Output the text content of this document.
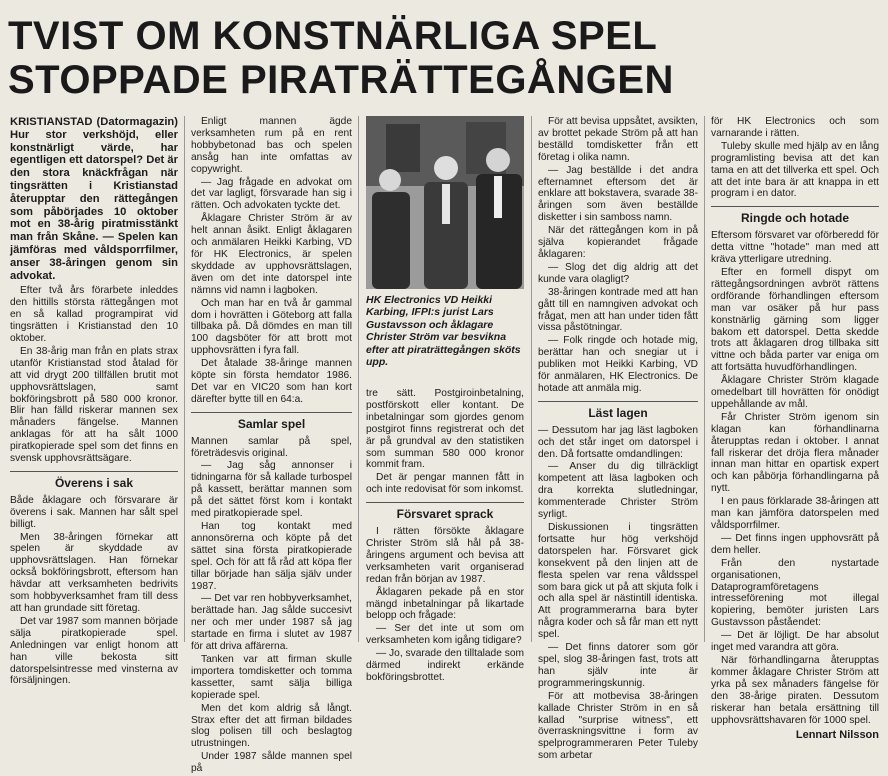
TVIST OM KONSTNÄRLIGA SPEL STOPPADE PIRATRÄTTEGÅNGEN

KRISTIANSTAD (Datormagazin) Hur stor verkshöjd, eller konstnärligt värde, har egentligen ett datorspel? Det är den stora knäckfrågan när tingsrätten i Kristianstad återupptar den rättegången som påbörjades 10 oktober mot en 38-årig piratmisstänkt man från Skåne. — Spelen kan jämföras med våldsporrfilmer, anser 38-åringen genom sin advokat.

Efter två års förarbete inleddes den hittills största rättegången mot en så kallad programpirat vid tingsrätten i Kristianstad den 10 oktober.

En 38-årig man från en plats strax utanför Kristianstad stod åtalad för att vid drygt 200 tillfällen brutit mot upphovsrättslagen, samt bokföringsbrott på 580 000 kronor. Blir han fälld riskerar mannen sex månaders fängelse. Mannen anklagas för att ha sålt 1000 piratkopierade spel som det finns en svensk upphovsrättsägare.

Överens i sak

Både åklagare och försvarare är överens i sak. Mannen har sålt spel billigt.

Men 38-åringen förnekar att spelen är skyddade av upphovsrättslagen. Han förnekar också bokföringsbrott, eftersom han hävdar att verksamheten bedrivits som hobbyverksamhet fram till dess att han grundade sitt företag.

Det var 1987 som mannen började sälja piratkopierade spel. Anledningen var enligt honom att han ville bekosta sitt datorspelsintresse med vinsterna av försäljningen.

Enligt mannen ägde verksamheten rum på en rent hobbybetonad bas och spelen ansåg han inte omfattas av copywright.

— Jag frågade en advokat om det var lagligt, försvarade han sig i rätten. Och advokaten tyckte det.

Åklagare Christer Ström är av helt annan åsikt. Enligt åklagaren och anmälaren Heikki Karbing, VD för HK Electronics, är spelen skyddade av upphovsrättslagen, även om det inte datorspel inte nämns vid namn i lagboken.

Och man har en två år gammal dom i hovrätten i Göteborg att falla tillbaka på. Då dömdes en man till 100 dagsböter för att brott mot upphovsrätten i fyra fall.

Det åtalade 38-åringe mannen köpte sin första hemdator 1986. Det var en VIC20 som han kort därefter bytte till en 64:a.

Samlar spel

Mannen samlar på spel, företrädesvis original.

— Jag såg annonser i tidningarna för så kallade turbospel på kassett, berättar mannen som på det sättet först kom i kontakt med piratkopierade spel.

Han tog kontakt med annonsörerna och köpte på det sättet sina första piratkopierade spel. Och för att få råd att köpa fler tillar började han sälja själv under 1987.

— Det var ren hobbyverksamhet, berättade han. Jag sålde succesivt ner och mer under 1987 så jag startade en firma i slutet av 1987 för att driva affärerna.

Tanken var att firman skulle importera tomdisketter och tomma kassetter, samt sälja billiga kopierade spel.

Men det kom aldrig så långt. Strax efter det att firman bildades slog polisen till och beslagtog utrustningen.

Under 1987 sålde mannen spel på

HK Electronics VD Heikki Karbing, IFPI:s jurist Lars Gustavsson och åklagare Christer Ström var besvikna efter att piraträttegången sköts upp.

tre sätt. Postgiroinbetalning, postförskott eller kontant. De inbetalningar som gjordes genom postgirot finns registrerat och det är på grundval av den statistiken som summan 580 000 kronor kommit fram.

Det är pengar mannen fått in och inte redovisat för som inkomst.

Försvaret sprack

I rätten försökte åklagare Christer Ström slå hål på 38-åringens argument och bevisa att verksamheten varit organiserad redan från början av 1987.

Åklagaren pekade på en stor mängd inbetalningar på likartade belopp och frågade:

— Ser det inte ut som om verksamheten kom igång tidigare?

— Jo, svarade den tilltalade som därmed indirekt erkände bokföringsbrottet.

För att bevisa uppsåtet, avsikten, av brottet pekade Ström på att han beställd tomdisketter från ett företag i olika namn.

— Jag beställde i det andra efternamnet eftersom det är enklare att bokstavera, svarade 38-åringen som även beställde disketter i sin samboss namn.

När det rättegången kom in på själva kopierandet frågade åklagaren:

— Slog det dig aldrig att det kunde vara olagligt?

38-åringen kontrade med att han gått till en namngiven advokat och frågat, men att han under tiden fått vissa påstötningar.

— Folk ringde och hotade mig, berättar han och snegiar ut i publiken mot Heikki Karbing, VD för anmälaren, HK Electronics. De hotade att anmäla mig.

Läst lagen

— Dessutom har jag läst lagboken och det står inget om datorspel i den. Då fortsatte omdandlingen:

— Anser du dig tillräckligt kompetent att läsa lagboken och dra korrekta slutledningar, kommenterade Christer Ström syrligt.

Diskussionen i tingsrätten fortsatte hur hög verkshöjd datorspelen har. Försvaret gick konsekvent på den linjen att de flesta spelen var rena våldsspel som bara gick ut på att skjuta folk i och alla spel är nästintill identiska. Att programmerarna bara byter några koder och så får man ett nytt spel.

— Det finns datorer som gör spel, slog 38-åringen fast, trots att han själv inte är programmeringskunnig.

För att motbevisa 38-åringen kallade Christer Ström in en så kallad "surprise witness", ett överraskningsvittne i form av spelprogrammeraren Peter Tuleby som arbetar

för HK Electronics och som varnarande i rätten.

Tuleby skulle med hjälp av en lång programlisting bevisa att det kan tama en att det tillverka ett spel. Och att det inte bara är att knappa in ett program i en dator.

Ringde och hotade

Eftersom försvaret var oförberedd för detta vittne "hotade" man med att kräva ytterligare utredning.

Efter en formell dispyt om rättegångsordningen avbröt rättens ordförande förhandlingen eftersom man var osäker på hur pass konstnärlig gärning som ligger bakom ett datorspel. Detta skedde trots att åklagaren drog tillbaka sitt vittne och båda parter var eniga om att fortsätta huvudförhandlingen.

Åklagare Christer Ström klagade omedelbart till hovrätten för onödigt uppehållande av mål.

Får Christer Ström igenom sin klagan kan förhandlinarna återupptas redan i oktober. I annat fall riskerar det dröja flera månader innan man hittar en opartisk expert och kan påbörja förhandlingarna på nytt.

I en paus förklarade 38-åringen att man kan jämföra datorspelen med våldsporrfilmer.

— Det finns ingen upphovsrätt på dem heller.

Från den nystartade organisationen, Dataprogramföretagens intresseförening mot illegal kopiering, bemöter juristen Lars Gustavsson påståendet:

— Det är löjligt. De har absolut inget med varandra att göra.

När förhandlingarna återupptas kommer åklagare Christer Ström att yrka på sex månaders fängelse för den 38-årige piraten. Dessutom riskerar han betala ersättning till upphovsrättshavaren för 1000 spel.

Lennart Nilsson
